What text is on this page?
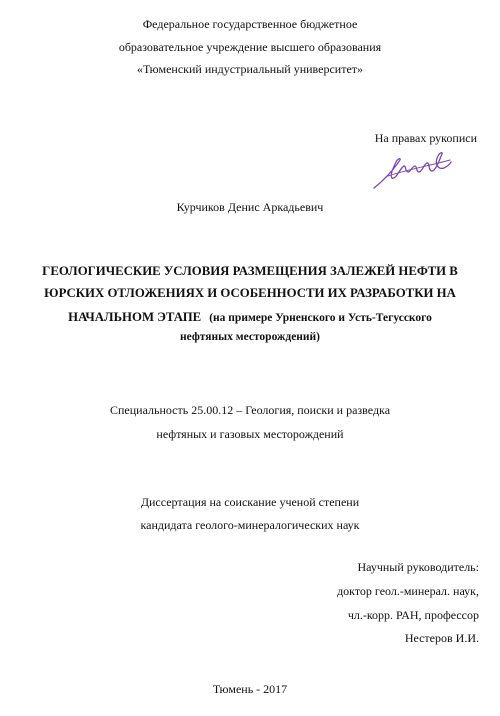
Федеральное государственное бюджетное
образовательное учреждение высшего образования
«Тюменский индустриальный университет»
На правах рукописи
Курчиков Денис Аркадьевич
ГЕОЛОГИЧЕСКИЕ УСЛОВИЯ РАЗМЕЩЕНИЯ ЗАЛЕЖЕЙ НЕФТИ В
ЮРСКИХ ОТЛОЖЕНИЯХ И ОСОБЕННОСТИ ИХ РАЗРАБОТКИ НА
НАЧАЛЬНОМ ЭТАПЕ (на примере Урненского и Усть-Тегусского
нефтяных месторождений)
Специальность 25.00.12 – Геология, поиски и разведка
нефтяных и газовых месторождений
Диссертация на соискание ученой степени
кандидата геолого-минералогических наук
Научный руководитель:
доктор геол.-минерал. наук,
чл.-корр. РАН, профессор
Нестеров И.И.
Тюмень - 2017
